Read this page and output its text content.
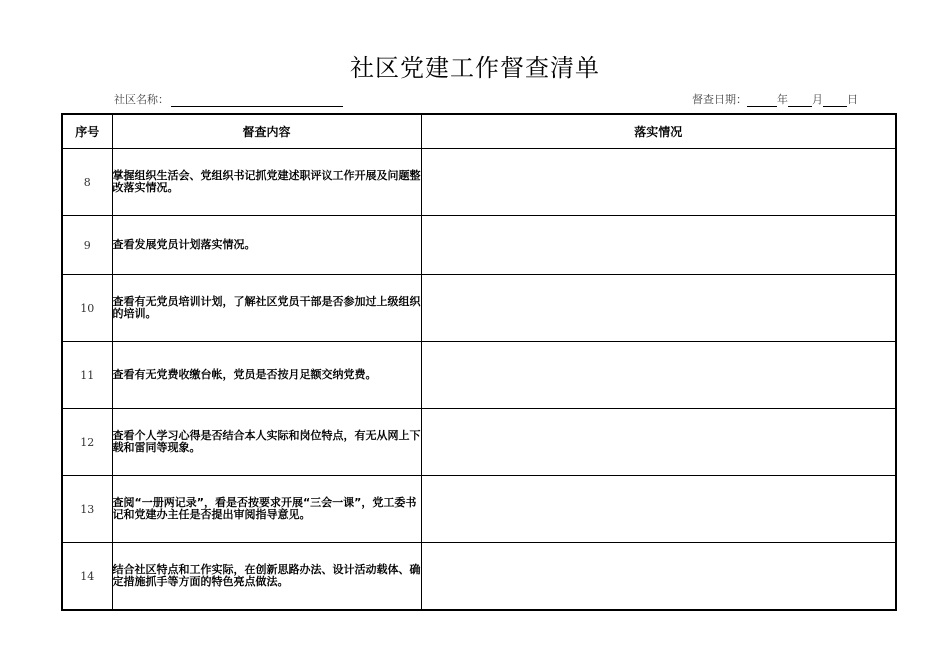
社区党建工作督查清单
社区名称：	督查日期：	年 月 日
序号	督查内容	落实情况
8	掌握组织生活会、党组织书记抓党建述职评议工作开展及问题整改落实情况。	
9	查看发展党员计划落实情况。	
10	查看有无党员培训计划，了解社区党员干部是否参加过上级组织的培训。	
11	查看有无党费收缴台帐，党员是否按月足额交纳党费。	
12	查看个人学习心得是否结合本人实际和岗位特点，有无从网上下载和雷同等现象。	
13	查阅“一册两记录”，看是否按要求开展“三会一课”，党工委书记和党建办主任是否提出审阅指导意见。	
14	结合社区特点和工作实际，在创新思路办法、设计活动载体、确定措施抓手等方面的特色亮点做法。	
